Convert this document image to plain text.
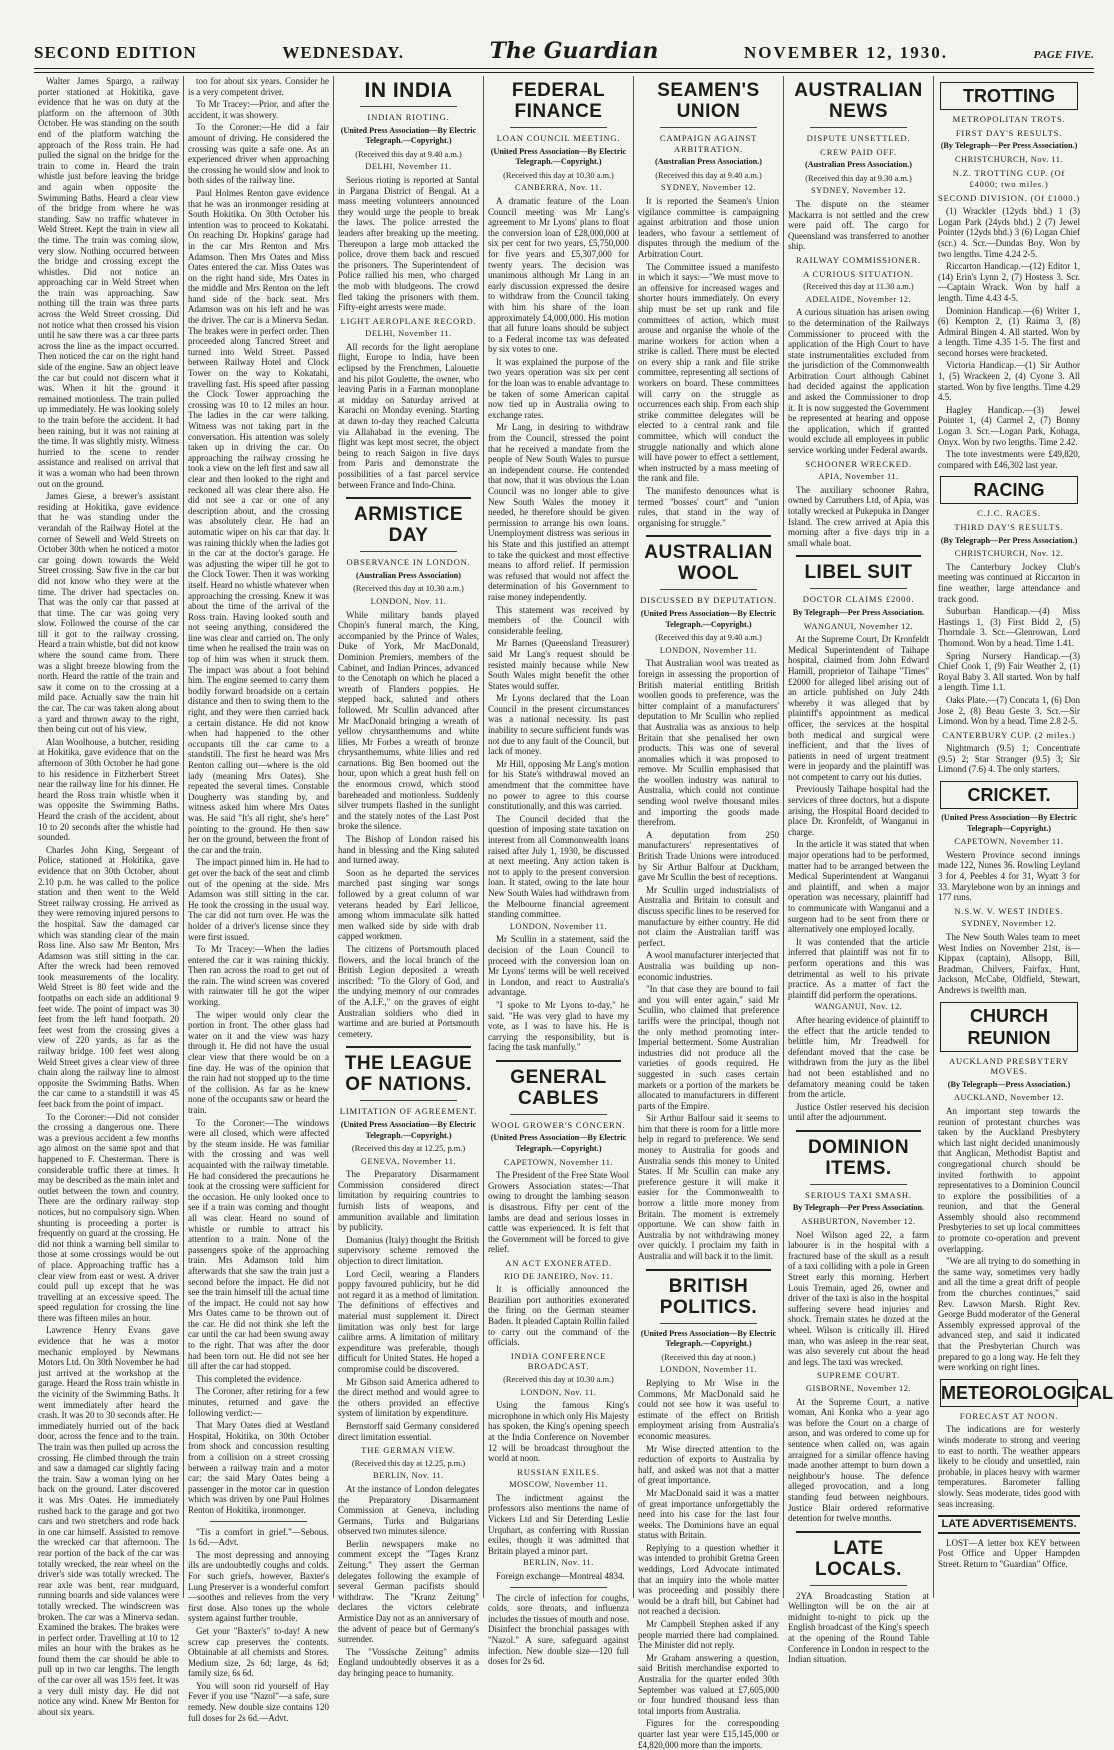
SECOND EDITION	WEDNESDAY.	The Guardian	NOVEMBER 12, 1930.	PAGE FIVE.

Walter James Spargo, a railway porter stationed at Hokitika, gave evidence that he was on duty at the platform on the afternoon of 30th October. He was standing on the south end of the platform watching the approach of the Ross train. He had pulled the signal on the bridge for the train to come in. Heard the train whistle just before leaving the bridge and again when opposite the Swimming Baths. Heard a clear view of the bridge from where he was standing. Saw no traffic whatever in Weld Street. Kept the train in view all the time. The train was coming slow, very slow. Nothing occurred between the bridge and crossing except the whistles. Did not notice an approaching car in Weld Street when the train was approaching. Saw nothing till the train was three parts across the Weld Street crossing. Did not notice what then crossed his vision until he saw there was a car three parts across the line as the impact occurred. Then noticed the car on the right hand side of the engine. Saw an object leave the car but could not discern what it was. When it hit the ground it remained motionless. The train pulled up immediately. He was looking solely to the train before the accident. It had been raining, but it was not raining at the time. It was slightly misty. Witness hurried to the scene to render assistance and realised on arrival that it was a woman who had been thrown out on the ground.

James Giese, a brewer's assistant residing at Hokitika, gave evidence that he was standing under the verandah of the Railway Hotel at the corner of Sewell and Weld Streets on October 30th when he noticed a motor car going down towards the Weld Street crossing. Saw five in the car but did not know who they were at the time. The driver had spectacles on. That was the only car that passed at that time. The car was going very slow. Followed the course of the car till it got to the railway crossing. Heard a train whistle, but did not know where the sound came from. There was a slight breeze blowing from the north. Heard the rattle of the train and saw it come on to the crossing at a mild pace. Actually saw the train hit the car. The car was taken along about a yard and thrown away to the right, then being cut out of his view.

Alan Woolhouse, a butcher, residing at Hokitika, gave evidence that on the afternoon of 30th October he had gone to his residence in Fitzherbert Street near the railway line for his dinner. He heard the Ross train whistle when it was opposite the Swimming Baths. Heard the crash of the accident, about 10 to 20 seconds after the whistle had sounded.

Charles John King, Sergeant of Police, stationed at Hokitika, gave evidence that on 30th October, about 2.10 p.m. he was called to the police station and then went to the Weld Street railway crossing. He arrived as they were removing injured persons to the hospital. Saw the damaged car which was standing clear of the main Ross line. Also saw Mr Benton, Mrs Adamson was still sitting in the car. After the wreck had been removed took measurements of the locality. Weld Street is 80 feet wide and the footpaths on each side an additional 9 feet wide. The point of impact was 30 feet from the left hand footpath. 20 feet west from the crossing gives a view of 220 yards, as far as the railway bridge. 100 feet west along Weld Street gives a clear view of three chain along the railway line to almost opposite the Swimming Baths. When the car came to a standstill it was 45 feet back from the point of impact.

To the Coroner:—Did not consider the crossing a dangerous one. There was a previous accident a few months ago almost on the same spot and that happened to F. Chesterman. There is considerable traffic there at times. It may be described as the main inlet and outlet between the town and country. There are the ordinary railway stop notices, but no compulsory sign. When shunting is proceeding a porter is frequently on guard at the crossing. He did not think a warning bell similar to those at some crossings would be out of place. Approaching traffic has a clear view from east or west. A driver could pull up except that he was travelling at an excessive speed. The speed regulation for crossing the line there was fifteen miles an hour.

Lawrence Henry Evans gave evidence that he was a motor mechanic employed by Newmans Motors Ltd. On 30th November he had just arrived at the workshop at the garage. Heard the Ross train whistle in the vicinity of the Swimming Baths. It went immediately after heard the crash. It was 20 to 30 seconds after. He immediately hurried out of the back door, across the fence and to the train. The train was then pulled up across the crossing. He climbed through the train and saw a damaged car slightly facing the train. Saw a woman lying on her back on the ground. Later discovered it was Mrs Oates. He immediately rushed back to the garage and got two cars and two stretchers and rode back in one car himself. Assisted to remove the wrecked car that afternoon. The rear portion of the back of the car was totally wrecked, the rear wheel on the driver's side was totally wrecked. The rear axle was bent, rear mudguard, running boards and side valances were totally wrecked. The windscreen was broken. The car was a Minerva sedan. Examined the brakes. The brakes were in perfect order. Travelling at 10 to 12 miles an hour with the brakes as he found them the car should be able to pull up in two car lengths. The length of the car over all was 15½ feet. It was a very dull misty day. He did not notice any wind. Knew Mr Benton for about six years.

too for about six years. Consider he is a very competent driver.

To Mr Tracey:—Prior, and after the accident, it was showery.

To the Coroner:—He did a fair amount of driving. He considered the crossing was quite a safe one. As an experienced driver when approaching the crossing he would slow and look to both sides of the railway line.

Paul Holmes Renton gave evidence that he was an ironmonger residing at South Hokitika. On 30th October his intention was to proceed to Kokatahi. On reaching Dr. Hopkins' garage had in the car Mrs Renton and Mrs Adamson. Then Mrs Oates and Miss Oates entered the car. Miss Oates was on the right hand side, Mrs Oates in the middle and Mrs Renton on the left hand side of the back seat. Mrs Adamson was on his left and he was the driver. The car is a Minerva Sedan. The brakes were in perfect order. Then proceeded along Tancred Street and turned into Weld Street. Passed between Railway Hotel and Clock Tower on the way to Kokatahi, travelling fast. His speed after passing the Clock Tower approaching the crossing was 10 to 12 miles an hour. The ladies in the car were talking. Witness was not taking part in the conversation. His attention was solely taken up in driving the car. On approaching the railway crossing he took a view on the left first and saw all clear and then looked to the right and reckoned all was clear there also. He did not see a car or one of any description about, and the crossing was absolutely clear. He had an automatic wiper on his car that day. It was raining thickly when the ladies got in the car at the doctor's garage. He was adjusting the wiper till he got to the Clock Tower. Then it was working itself. Heard no whistle whatever when approaching the crossing. Knew it was about the time of the arrival of the Ross train. Having looked south and not seeing anything, considered the line was clear and carried on. The only time when he realised the train was on top of him was when it struck them. The impact was about a foot behind him. The engine seemed to carry them bodily forward broadside on a certain distance and then to swing them to the right, and they were then carried back a certain distance. He did not know when had happened to the other occupants till the car came to a standstill. The first he heard was Mrs Renton calling out—where is the old lady (meaning Mrs Oates). She repeated the several times. Constable Dougherty was standing by, and witness asked him where Mrs Oates was. He said "It's all right, she's here" pointing to the ground. He then saw her on the ground, between the front of the car and the train.

The impact pinned him in. He had to get over the back of the seat and climb out of the opening at the side. Mrs Adamson was still sitting in the car. He took the crossing in the usual way. The car did not turn over. He was the holder of a driver's license since they were first issued.

To Mr Tracey:—When the ladies entered the car it was raining thickly. Then ran across the road to get out of the rain. The wind screen was covered with rainwater till he got the wiper working.

The wiper would only clear the portion in front. The other glass had water on it and the view was hazy through it. He did not have the usual clear view that there would be on a fine day. He was of the opinion that the rain had not stopped up to the time of the collision. As far as he knew none of the occupants saw or heard the train.

To the Coroner:—The windows were all closed, which were affected by the steam inside. He was familiar with the crossing and was well acquainted with the railway timetable. He had considered the precautions he took at the crossing were sufficient for the occasion. He only looked once to see if a train was coming and thought all was clear. Heard no sound of whistle or rumble to attract his attention to a train. None of the passengers spoke of the approaching train. Mrs Adamson told him afterwards that she saw the train just a second before the impact. He did not see the train himself till the actual time of the impact. He could not say how Mrs Oates came to be thrown out of the car. He did not think she left the car until the car had been swung away to the right. That was after the door had been torn out. He did not see her till after the car had stopped.

This completed the evidence.

The Coroner, after retiring for a few minutes, returned and gave the following verdict:—

That Mary Oates died at Westland Hospital, Hokitika, on 30th October from shock and concussion resulting from a collision on a street crossing between a railway train and a motor car; the said Mary Oates being a passenger in the motor car in question which was driven by one Paul Holmes Renton of Hokitika, ironmonger.

"Tis a comfort in grief."—Sebous. 1s 6d.—Advt.

The most depressing and annoying ills are undoubtedly coughs and colds. For such griefs, however, Baxter's Lung Preserver is a wonderful comfort—soothes and relieves from the very first dose. Also tones up the whole system against further trouble.

Get your "Baxter's" to-day! A new screw cap preserves the contents. Obtainable at all chemists and Stores. Medium size, 2s 6d; large, 4s 6d; family size, 6s 6d.

You will soon rid yourself of Hay Fever if you use "Nazol"—a safe, sure remedy. New double size contains 120 full doses for 2s 6d.—Advt.

IN INDIA
INDIAN RIOTING.
(United Press Association—By Electric Telegraph.—Copyright.)
(Received this day at 9.40 a.m.)
DELHI, November 11.

Serious rioting is reported at Santal in Pargana District of Bengal. At a mass meeting volunteers announced they would urge the people to break the laws. The police arrested the leaders after breaking up the meeting. Thereupon a large mob attacked the police, drove them back and rescued the prisoners. The Superintendent of Police rallied his men, who charged the mob with bludgeons. The crowd fled taking the prisoners with them. Fifty-eight arrests were made.

LIGHT AEROPLANE RECORD.
DELHI, November 11.

All records for the light aeroplane flight, Europe to India, have been eclipsed by the Frenchmen, Lalouette and his pilot Goulette, the owner, who leaving Paris in a Farman monoplane at midday on Saturday arrived at Karachi on Monday evening. Starting at dawn to-day they reached Calcutta via Allahabad in the evening. The flight was kept most secret, the object being to reach Saigon in five days from Paris and demonstrate the possibilities of a fast parcel service between France and Indo-China.

ARMISTICE DAY
OBSERVANCE IN LONDON.
(Australian Press Association)
(Received this day at 10.30 a.m.)
LONDON, Nov. 11.

While military bands played Chopin's funeral march, the King, accompanied by the Prince of Wales, Duke of York, Mr MacDonald, Dominion Premiers, members of the Cabinet, and Indian Princes, advanced to the Cenotaph on which he placed a wreath of Flanders poppies. He stepped back, saluted and others followed. Mr Scullin advanced after Mr MacDonald bringing a wreath of yellow chrysanthemums and white lilies, Mr Forbes a wreath of bronze chrysanthemums, white lilies and red carnations. Big Ben boomed out the hour, upon which a great hush fell on the enormous crowd, which stood bareheaded and motionless. Suddenly silver trumpets flashed in the sunlight and the stately notes of the Last Post broke the silence.

The Bishop of London raised his hand in blessing and the King saluted and turned away.

Soon as he departed the services marched past singing war songs followed by a great column of war veterans headed by Earl Jellicoe, among whom immaculate silk hatted men walked side by side with drab capped workmen.

The citizens of Portsmouth placed flowers, and the local branch of the British Legion deposited a wreath inscribed: "To the Glory of God, and the undying memory of our comrades of the A.I.F.," on the graves of eight Australian soldiers who died in wartime and are buried at Portsmouth cemetery.

THE LEAGUE OF NATIONS.
LIMITATION OF AGREEMENT.
(United Press Association—By Electric Telegraph.—Copyright.)
(Received this day at 12.25, p.m.)
GENEVA, November 11.

The Preparatory Disarmament Commission considered direct limitation by requiring countries to furnish lists of weapons, and ammunition available and limitation by publicity.

Domanius (Italy) thought the British supervisory scheme removed the objection to direct limitation.

Lord Cecil, wearing a Flanders poppy favoured publicity, but he did not regard it as a method of limitation. The definitions of effectives and material must supplement it. Direct limitation was only best for large calibre arms. A limitation of military expenditure was preferable, though difficult for United States. He hoped a compromise could be discovered.

Mr Gibson said America adhered to the direct method and would agree to the others provided an effective system of limitation by expenditure.

Bernstorff said Germany considered direct limitation essential.

THE GERMAN VIEW.
(Received this day at 12.25, p.m.)
BERLIN, Nov. 11.

At the instance of London delegates the Preparatory Disarmament Commission at Geneva, including Germans, Turks and Bulgarians observed two minutes silence.

Berlin newspapers make no comment except the "Tages Kranz Zeitung." They assert the German delegates following the example of several German pacifists should withdraw. The "Kranz Zeitung" declares the victors celebrate Armistice Day not as an anniversary of the advent of peace but of Germany's surrender.

The "Vossische Zeitung" admits England undoubtedly observes it as a day bringing peace to humanity.

FEDERAL FINANCE
LOAN COUNCIL MEETING.
(United Press Association—By Electric Telegraph.—Copyright.)
(Received this day at 10.30 a.m.)
CANBERRA, Nov. 11.

A dramatic feature of the Loan Council meeting was Mr Lang's agreement to Mr Lyons' plans to float the conversion loan of £28,000,000 at six per cent for two years, £5,750,000 for five years and £5,307,000 for twenty years. The decision was unanimous although Mr Lang in an early discussion expressed the desire to withdraw from the Council taking with him his share of the loan approximately £4,000,000. His motion that all future loans should be subject to a Federal income tax was defeated by six votes to one.

It was explained the purpose of the two years operation was six per cent for the loan was to enable advantage to be taken of some American capital now tied up in Australia owing to exchange rates.

Mr Lang, in desiring to withdraw from the Council, stressed the point that he received a mandate from the people of New South Wales to pursue an independent course. He contended that now, that it was obvious the Loan Council was no longer able to give New South Wales the money it needed, he therefore should be given permission to arrange his own loans. Unemployment distress was serious in his State and this justified an attempt to take the quickest and most effective means to afford relief. If permission was refused that would not affect the determination of his Government to raise money independently.

This statement was received by members of the Council with considerable feeling.

Mr Barnes (Queensland Treasurer) said Mr Lang's request should be resisted mainly because while New South Wales might benefit the other States would suffer.

Mr Lyons declared that the Loan Council in the present circumstances was a national necessity. Its past inability to secure sufficient funds was not due to any fault of the Council, but lack of money.

Mr Hill, opposing Mr Lang's motion for his State's withdrawal moved an amendment that the committee have no power to agree to this course constitutionally, and this was carried.

The Council decided that the question of imposing state taxation on interest from all Commonwealth loans raised after July 1, 1930, be discussed at next meeting. Any action taken is not to apply to the present conversion loan. It stated, owing to the late hour New South Wales had withdrawn from the Melbourne financial agreement standing committee.

LONDON, November 11.

Mr Scullin in a statement, said the decision of the Loan Council to proceed with the conversion loan on Mr Lyons' terms will be well received in London, and react to Australia's advantage.

"I spoke to Mr Lyons to-day," he said. "He was very glad to have my vote, as I was to have his. He is carrying the responsibility, but is facing the task manfully."

GENERAL CABLES
WOOL GROWER'S CONCERN.
(United Press Association—By Electric Telegraph.—Copyright.)
CAPETOWN, November 11.

The President of the Free State Wool Growers Association states:—That owing to drought the lambing season is disastrous. Fifty per cent of the lambs are dead and serious losses in cattle was experienced. It is felt that the Government will be forced to give relief.

AN ACT EXONERATED.
RIO DE JANEIRO, Nov. 11.

It is officially announced the Brazilian port authorities exonerated the firing on the German steamer Baden. It pleaded Captain Rollin failed to carry out the command of the officials.

INDIA CONFERENCE BROADCAST.
(Received this day at 10.30 a.m.)
LONDON, Nov. 11.

Using the famous King's microphone in which only His Majesty has spoken, the King's opening speech at the India Conference on November 12 will be broadcast throughout the world at noon.

RUSSIAN EXILES.
MOSCOW, November 11.

The indictment against the professors also mentions the name of Vickers Ltd and Sir Deterding Leslie Urquhart, as conferring with Russian exiles, though it was admitted that Britain played a minor part.

BERLIN, Nov. 11.

Foreign exchange—Montreal 4834.

The circle of infection for coughs, colds, sore throats, and influenza includes the tissues of mouth and nose. Disinfect the bronchial passages with "Nazol." A sure, safeguard against infection. New double size—120 full doses for 2s 6d.

SEAMEN'S UNION
CAMPAIGN AGAINST ARBITRATION.
(Australian Press Association.)
(Received this day at 9.40 a.m.)
SYDNEY, November 12.

It is reported the Seamen's Union vigilance committee is campaigning against arbitration and those union leaders, who favour a settlement of disputes through the medium of the Arbitration Court.

The Committee issued a manifesto in which it says:—"We must move to an offensive for increased wages and shorter hours immediately. On every ship must be set up rank and file committees of action, which must arouse and organise the whole of the marine workers for action when a strike is called. There must be elected on every ship a rank and file strike committee, representing all sections of workers on board. These committees will carry on the struggle as occurrences each ship. From each ship strike committee delegates will be elected to a central rank and file committee, which will conduct the struggle nationally and which alone will have power to effect a settlement, when instructed by a mass meeting of the rank and file.

The manifesto denounces what is termed "bosses' court" and "union rules, that stand in the way of organising for struggle."

AUSTRALIAN WOOL
DISCUSSED BY DEPUTATION.
(United Press Association—By Electric Telegraph.—Copyright.)
(Received this day at 9.40 a.m.)
LONDON, November 11.

That Australian wool was treated as foreign in assessing the proportion of British material entitling British woollen goods to preference, was the bitter complaint of a manufacturers' deputation to Mr Scullin who replied that Australia was as anxious to help Britain that she penalised her own products. This was one of several anomalies which it was proposed to remove. Mr Scullin emphasised that the woollen industry was natural to Australia, which could not continue sending wool twelve thousand miles and importing the goods made therefrom.

A deputation from 250 manufacturers' representatives of British Trade Unions were introduced by Sir Arthur Balfour at Duckham, gave Mr Scullin the best of receptions.

Mr Scullin urged industrialists of Australia and Britain to consult and discuss specific lines to be reserved for manufacture by either country. He did not claim the Australian tariff was perfect.

A wool manufacturer interjected that Australia was building up non-economic industries.

"In that case they are bound to fail and you will enter again," said Mr Scullin, who claimed that preference tariffs were the principal, though not the only method promoting inter-Imperial betterment. Some Australian industries did not produce all the varieties of goods required. He suggested in such cases certain markets or a portion of the markets be allocated to manufacturers in different parts of the Empire.

Sir Arthur Balfour said it seems to him that there is room for a little more help in regard to preference. We send money to Australia for goods and Australia sends this money to United States. If Mr Scullin can make any preference gesture it will make it easier for the Commonwealth to borrow a little more money from Britain. The moment is extremely opportune. We can show faith in Australia by not withdrawing money over quickly. I proclaim my faith in Australia and will back it to the limit.

BRITISH POLITICS.
(United Press Association—By Electric Telegraph.—Copyright.)
(Received this day at noon.)
LONDON, November 11.

Replying to Mr Wise in the Commons, Mr MacDonald said he could not see how it was useful to estimate of the effect on British employment arising from Australia's economic measures.

Mr Wise directed attention to the reduction of exports to Australia by half, and asked was not that a matter of great importance.

Mr MacDonald said it was a matter of great importance unforgettably the need into his case for the last four weeks. The Dominions have an equal status with Britain.

Replying to a question whether it was intended to prohibit Gretna Green weddings, Lord Advocate intimated that an inquiry into the whole matter was proceeding and possibly there would be a draft bill, but Cabinet had not reached a decision.

Mr Campbell Stephen asked if any people married there had complained. The Minister did not reply.

Mr Graham answering a question, said British merchandise exported to Australia for the quarter ended 30th September was valued at £7,605,000 or four hundred thousand less than total imports from Australia.

Figures for the corresponding quarter last year were £15,145,000 or £4,820,000 more than the imports.

AUSTRALIAN NEWS
DISPUTE UNSETTLED.
CREW PAID OFF.
(Australian Press Association.)
(Received this day at 9.30 a.m.)
SYDNEY, November 12.

The dispute on the steamer Mackarra is not settled and the crew were paid off. The cargo for Queensland was transferred to another ship.

RAILWAY COMMISSIONER.
A CURIOUS SITUATION.
(Received this day at 11.30 a.m.)
ADELAIDE, November 12.

A curious situation has arisen owing to the determination of the Railways Commissioner to proceed with the application of the High Court to have state instrumentalities excluded from the jurisdiction of the Commonwealth Arbitration Court although Cabinet had decided against the application and asked the Commissioner to drop it. It is now suggested the Government be represented at hearing and oppose the application, which if granted would exclude all employees in public service working under Federal awards.

SCHOONER WRECKED.
APIA, November 11.

The auxiliary schooner Rahra, owned by Carruthers Ltd, of Apia, was totally wrecked at Pukepuka in Danger Island. The crew arrived at Apia this morning after a five days trip in a small whale boat.

LIBEL SUIT
DOCTOR CLAIMS £2000.
By Telegraph—Per Press Association.
WANGANUI, November 12.

At the Supreme Court, Dr Kronfeldt Medical Superintendent of Taihape hospital, claimed from John Edward Hamill, proprietor of Taihape "Times" £2000 for alleged libel arising out of an article published on July 24th whereby it was alleged that by plaintiff's appointment as medical officer, the services at the hospital both medical and surgical were inefficient, and that the lives of patients in need of urgent treatment were in jeopardy and the plaintiff was not competent to carry out his duties.

Previously Taihape hospital had the services of three doctors, but a dispute arising, the Hospital Board decided to place Dr. Kronfeldt, of Wanganui in charge.

In the article it was stated that when major operations had to be performed, matter had to be arranged between the Medical Superintendent at Wanganui and plaintiff, and when a major operation was necessary, plaintiff had to communicate with Wanganui and a surgeon had to be sent from there or alternatively one employed locally.

It was contended that the article inferred that plaintiff was not fit to perform operations and this was detrimental as well to his private practice. As a matter of fact the plaintiff did perform the operations.

WANGANUI, Nov. 12.

After hearing evidence of plaintiff to the effect that the article tended to belittle him, Mr Treadwell for defendant moved that the case be withdrawn from the jury as the libel had not been established and no defamatory meaning could be taken from the article.

Justice Ostler reserved his decision until after the adjournment.

DOMINION ITEMS.
SERIOUS TAXI SMASH.
By Telegraph—Per Press Association.
ASHBURTON, November 12.

Noel Wilson aged 22, a farm labourer is in the hospital with a fractured base of the skull as a result of a taxi colliding with a pole in Green Street early this morning. Herbert Louis Tremain, aged 26, owner and driver of the taxi is also in the hospital suffering severe head injuries and shock. Tremain states he dozed at the wheel. Wilson is critically ill. Hired man, who was asleep in the rear seat, was also severely cut about the head and legs. The taxi was wrecked.

SUPREME COURT.
GISBORNE, November 12.

At the Supreme Court, a native woman, Ani Konka who a year ago was before the Court on a charge of arson, and was ordered to come up for sentence when called on, was again arraigned for a similar offence having made another attempt to burn down a neighbour's house. The defence alleged provocation, and a long standing feud between neighbours. Justice Blair ordered reformative detention for twelve months.

LATE LOCALS.

2YA Broadcasting Station at Wellington will be on the air at midnight to-night to pick up the English broadcast of the King's speech at the opening of the Round Table Conference in London in respect to the Indian situation.

TROTTING
METROPOLITAN TROTS.
FIRST DAY'S RESULTS.
(By Telegraph—Per Press Association.)
CHRISTCHURCH, Nov. 11.
N.Z. TROTTING CUP. (Of £4000; two miles.)
SECOND DIVISION. (Of £1000.)

(1) Wrackler (12yds bhd.) 1 (3) Logan Park (24yds bhd.) 2 (7) Jewel Pointer (12yds bhd.) 3 (6) Logan Chief (scr.) 4. Scr.—Dundas Boy. Won by two lengths. Time 4.24 2-5.

Riccarton Handicap.—(12) Editor 1, (14) Erin's Lynn 2, (7) Hostess 3. Scr.—Captain Wrack. Won by half a length. Time 4.43 4-5.

Dominion Handicap.—(6) Writer 1, (6) Kempton 2, (1) Raima 3, (8) Admiral Bingen 4. All started. Won by a length. Time 4.35 1-5. The first and second horses were bracketed.

Victoria Handicap.—(1) Sir Author 1, (5) Wrackeen 2, (4) Cyone 3. All started. Won by five lengths. Time 4.29 4.5.

Hagley Handicap.—(3) Jewel Pointer 1, (4) Carmel 2, (7) Bonny Logan 3. Scr.—Logan Park, Kohaga, Onyx. Won by two lengths. Time 2.42.

The tote investments were £49,820, compared with £46,302 last year.

RACING
C.J.C. RACES.
THIRD DAY'S RESULTS.
(By Telegraph—Per Press Association.)
CHRISTCHURCH, Nov. 12.

The Canterbury Jockey Club's meeting was continued at Riccarton in fine weather, large attendance and track good.

Suburban Handicap.—(4) Miss Hastings 1, (3) First Bidd 2, (5) Thorndale 3. Scr.—Glenrowan, Lord Thomond. Won by a head. Time 1.41.

Spring Nursery Handicap.—(3) Chief Cook 1, (9) Fair Weather 2, (1) Royal Baby 3. All started. Won by half a length. Time 1.1.

Oaks Plate.—(7) Concata 1, (6) Don Jose 2, (8) Beau Geste 3. Scr.—Sir Limond. Won by a head. Time 2.8 2-5.

CANTERBURY CUP. (2 miles.)

Nightmarch (9.5) 1; Concentrate (9.5) 2; Star Stranger (9.5) 3; Sir Limond (7.6) 4. The only starters.

CRICKET.
(United Press Association—By Electric Telegraph—Copyright.)
CAPETOWN, November 11.

Western Province second innings made 122, Nunes 36. Rowling Leyland 3 for 4, Peebles 4 for 31, Wyatt 3 for 33. Marylebone won by an innings and 177 runs.

N.S.W. V. WEST INDIES.
SYDNEY, November 12.

The New South Wales team to meet West Indies on November 21st, is—Kippax (captain), Allsopp, Bill, Bradman, Chilvers, Fairfax, Hunt, Jackson, McCabe, Oldfield, Stewart, Andrews is twelfth man.

CHURCH REUNION
AUCKLAND PRESBYTERY MOVES.
(By Telegraph—Press Association.)
AUCKLAND, November 12.

An important step towards the reunion of protestant churches was taken by the Auckland Presbytery which last night decided unanimously that Anglican, Methodist Baptist and congregational church should be invited forthwith to appoint representatives to a Dominion Council to explore the possibilities of a reunion, and that the General Assembly should also recommend Presbyteries to set up local committees to promote co-operation and prevent overlapping.

"We are all trying to do something in the same way, sometimes very badly and all the time a great drift of people from the churches continues," said Rev. Lawson Marsh. Right Rev. George Budd moderator of the General Assembly expressed approval of the advanced step, and said it indicated that the Presbyterian Church was prepared to go a long way. He felt they were working on right lines.

METEOROLOGICAL
FORECAST AT NOON.

The indications are for westerly winds moderate to strong and veering to east to north. The weather appears likely to be cloudy and unsettled, rain probable, in places heavy with warmer temperatures. Barometer falling slowly. Seas moderate, tides good with seas increasing.

LATE ADVERTISEMENTS.

LOST—A letter box KEY between Post Office and Upper Hampden Street. Return to "Guardian" Office.
